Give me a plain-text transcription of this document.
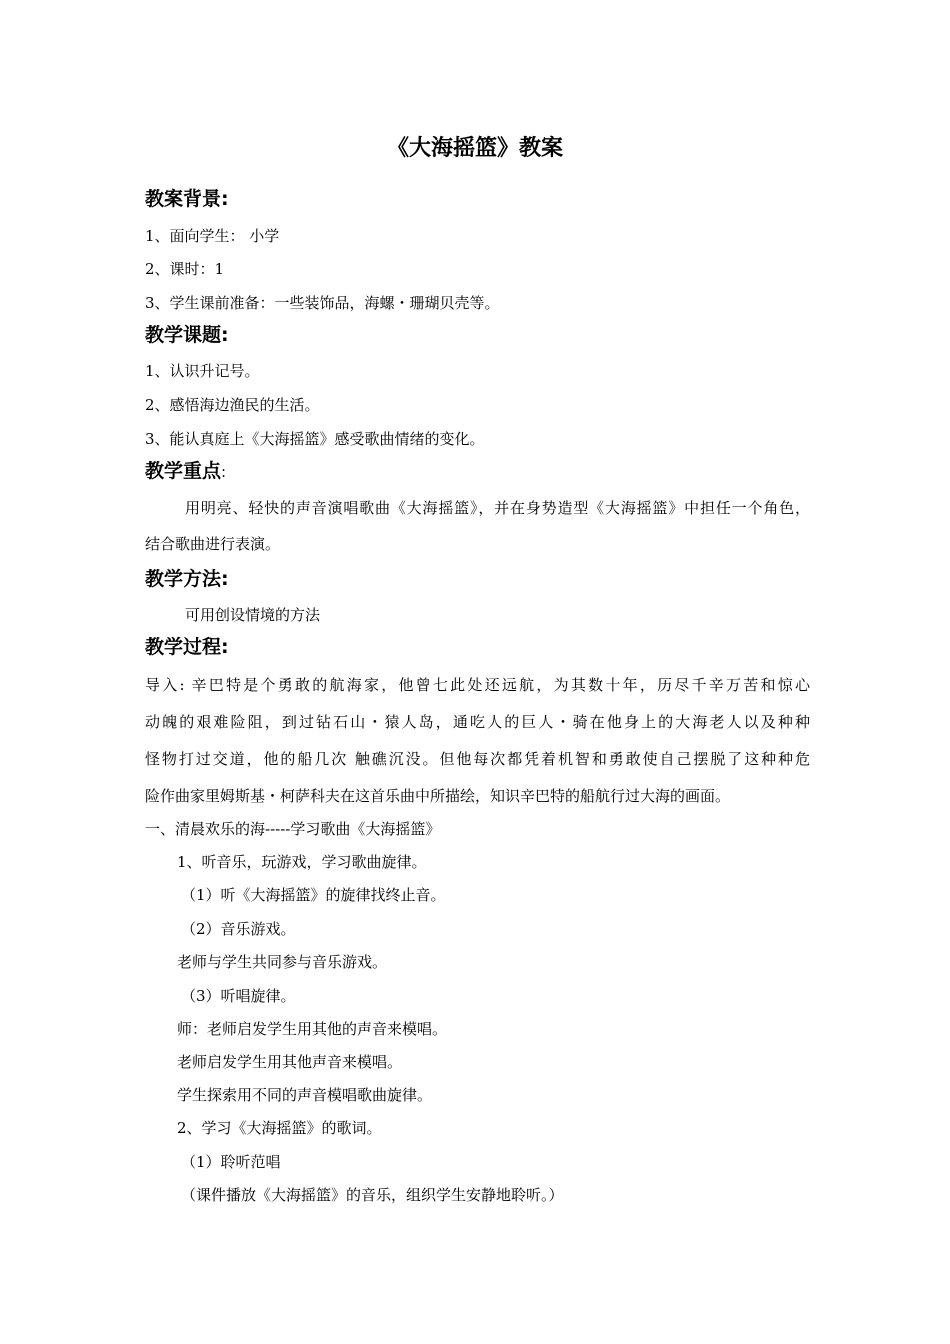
《大海摇篮》教案
教案背景:
1、面向学生： 小学
2、课时：1
3、学生课前准备：一些装饰品，海螺・珊瑚贝壳等。
教学课题:
1、认识升记号。
2、感悟海边渔民的生活。
3、能认真庭上《大海摇篮》感受歌曲情绪的变化。
教学重点:
用明亮、轻快的声音演唱歌曲《大海摇篮》，并在身势造型《大海摇篮》中担任一个角色，
结合歌曲进行表演。
教学方法:
可用创设情境的方法
教学过程:
导入: 辛巴特是个勇敢的航海家，他曾七此处还远航，为其数十年，历尽千辛万苦和惊心
动魄的艰难险阻，到过钻石山・猿人岛，通吃人的巨人・骑在他身上的大海老人以及种种
怪物打过交道，他的船几次 触礁沉没。但他每次都凭着机智和勇敢使自己摆脱了这种种危
险作曲家里姆斯基・柯萨科夫在这首乐曲中所描绘，知识辛巴特的船航行过大海的画面。
一、清晨欢乐的海-----学习歌曲《大海摇篮》
1、听音乐，玩游戏，学习歌曲旋律。
（1）听《大海摇篮》的旋律找终止音。
（2）音乐游戏。
老师与学生共同参与音乐游戏。
（3）听唱旋律。
师：老师启发学生用其他的声音来模唱。
老师启发学生用其他声音来模唱。
学生探索用不同的声音模唱歌曲旋律。
2、学习《大海摇篮》的歌词。
（1）聆听范唱
（课件播放《大海摇篮》的音乐，组织学生安静地聆听。）
